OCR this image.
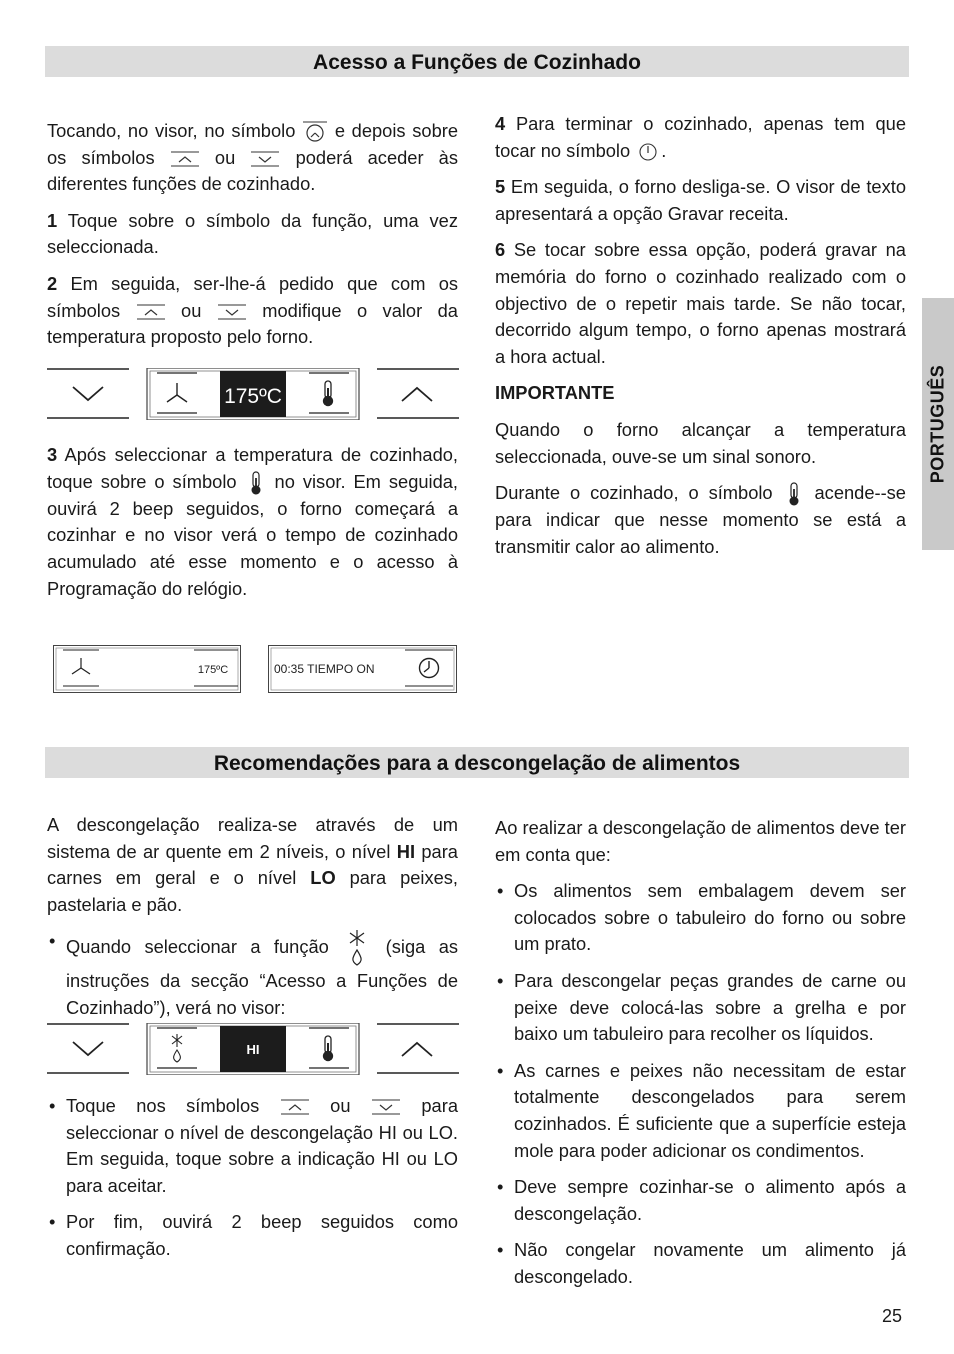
Acesso a Funções de Cozinhado
Recomendações para a descongelação de alimentos
PORTUGUÊS

Tocando, no visor, no símbolo e depois sobre os símbolos	ou	poderá aceder às diferentes funções de cozinhado.

1 Toque sobre o símbolo da função, uma vez seleccionada.

2 Em seguida, ser-lhe-á pedido que com os símbolos	ou	modifique o valor da temperatura proposto pelo forno.

175ºC

3 Após seleccionar a temperatura de cozinhado, toque sobre o símbolo no visor. Em seguida, ouvirá 2 beep seguidos, o forno começará a cozinhar e no visor verá o tempo de cozinhado acumulado até esse momento e o acesso à Programação do relógio.

175ºC	00:35 TIEMPO ON

4 Para terminar o cozinhado, apenas tem que tocar no símbolo .

5 Em seguida, o forno desliga-se. O visor de texto apresentará a opção Gravar receita.

6 Se tocar sobre essa opção, poderá gravar na memória do forno o cozinhado realizado com o objectivo de o repetir mais tarde. Se não tocar, decorrido algum tempo, o forno apenas mostrará a hora actual.

IMPORTANTE

Quando o forno alcançar a temperatura seleccionada, ouve-se um sinal sonoro.

Durante o cozinhado, o símbolo acende--se para indicar que nesse momento se está a transmitir calor ao alimento.

A descongelação realiza-se através de um sistema de ar quente em 2 níveis, o nível HI para carnes em geral e o nível LO para peixes, pastelaria e pão.

• Quando seleccionar a função	(siga as instruções da secção “Acesso a Funções de Cozinhado”), verá no visor:
HI
• Toque nos símbolos	ou	para seleccionar o nível de descongelação HI ou LO. Em seguida, toque sobre a indicação HI ou LO para aceitar.
• Por fim, ouvirá 2 beep seguidos como confirmação.

Ao realizar a descongelação de alimentos deve ter em conta que:

• Os alimentos sem embalagem devem ser colocados sobre o tabuleiro do forno ou sobre um prato.
• Para descongelar peças grandes de carne ou peixe deve colocá-las sobre a grelha e por baixo um tabuleiro para recolher os líquidos.
• As carnes e peixes não necessitam de estar totalmente descongelados para serem cozinhados. É suficiente que a superfície esteja mole para poder adicionar os condimentos.
• Deve sempre cozinhar-se o alimento após a descongelação.
• Não congelar novamente um alimento já descongelado.
25
